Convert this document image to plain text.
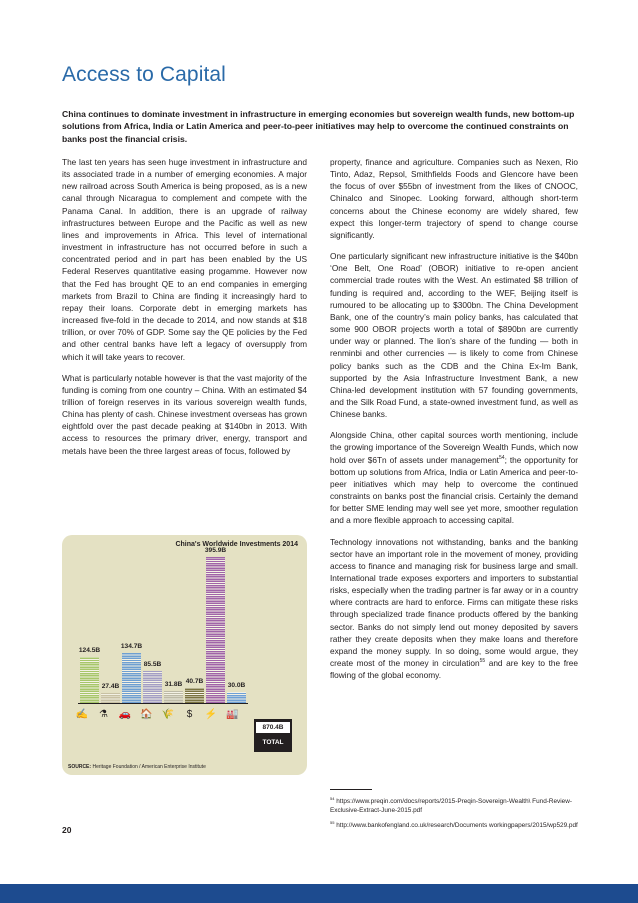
Access to Capital

China continues to dominate investment in infrastructure in emerging economies but sovereign wealth funds, new bottom-up solutions from Africa, India or Latin America and peer-to-peer initiatives may help to overcome the continued constraints on banks post the financial crisis.

The last ten years has seen huge investment in infrastructure and its associated trade in a number of emerging economies. A major new railroad across South America is being proposed, as is a new canal through Nicaragua to complement and compete with the Panama Canal. In addition, there is an upgrade of railway infrastructures between Europe and the Pacific as well as new lines and improvements in Africa. This level of international investment in infrastructure has not occurred before in such a concentrated period and in part has been enabled by the US Federal Reserves quantitative easing progamme. However now that the Fed has brought QE to an end companies in emerging markets from Brazil to China are finding it increasingly hard to repay their loans. Corporate debt in emerging markets has increased five-fold in the decade to 2014, and now stands at $18 trillion, or over 70% of GDP. Some say the QE policies by the Fed and other central banks have left a legacy of oversupply from which it will take years to recover.

What is particularly notable however is that the vast majority of the funding is coming from one country – China. With an estimated $4 trillion of foreign reserves in its various sovereign wealth funds, China has plenty of cash. Chinese investment overseas has grown eightfold over the past decade peaking at $140bn in 2013. With access to resources the primary driver, energy, transport and metals have been the three largest areas of focus, followed by

property, finance and agriculture. Companies such as Nexen, Rio Tinto, Adaz, Repsol, Smithfields Foods and Glencore have been the focus of over $55bn of investment from the likes of CNOOC, Chinalco and Sinopec. Looking forward, although short-term concerns about the Chinese economy are widely shared, few expect this longer-term trajectory of spend to change course significantly.

One particularly significant new infrastructure initiative is the $40bn ‘One Belt, One Road’ (OBOR) initiative to re-open ancient commercial trade routes with the West. An estimated $8 trillion of funding is required and, according to the WEF, Beijing itself is rumoured to be allocating up to $300bn. The China Development Bank, one of the country’s main policy banks, has calculated that some 900 OBOR projects worth a total of $890bn are currently under way or planned. The lion’s share of the funding — both in renminbi and other currencies — is likely to come from Chinese policy banks such as the CDB and the China Ex-Im Bank, supported by the Asia Infrastructure Investment Bank, a new China-led development institution with 57 founding governments, and the Silk Road Fund, a state-owned investment fund, as well as Chinese banks.

Alongside China, other capital sources worth mentioning, include the growing importance of the Sovereign Wealth Funds, which now hold over $6Tn of assets under management$^{54}$; the opportunity for bottom up solutions from Africa, India or Latin America and peer-to-peer initiatives which may help to overcome the continued constraints on banks post the financial crisis. Certainly the demand for better SME lending may well see yet more, smoother regulation and a more flexible approach to accessing capital.

Technology innovations not withstanding, banks and the banking sector have an important role in the movement of money, providing access to finance and managing risk for business large and small. International trade exposes exporters and importers to substantial risks, especially when the trading partner is far away or in a country where contracts are hard to enforce. Firms can mitigate these risks through specialized trade finance products offered by the banking sector. Banks do not simply lend out money deposited by savers rather they create deposits when they make loans and therefore expand the money supply. In so doing, some would argue, they create most of the money in circulation$^{55}$ and are key to the free flowing of the global economy.

China's Worldwide Investments 2014
124.5B
27.4B
134.7B
85.5B
31.8B 40.7B
395.9B
30.0B
✍ ⚗ 🚗 🏠 🌾 $ ⚡ 🏭
870.4B
TOTAL
SOURCE: Heritage Foundation / American Enterprise Institute
$^{54}$ https://www.preqin.com/docs/reports/2015-Preqin-Sovereign-Wealth\ Fund-Review-Exclusive-Extract-June-2015.pdf
$^{55}$ http://www.bankofengland.co.uk/research/Documents workingpapers/2015/wp529.pdf
20
